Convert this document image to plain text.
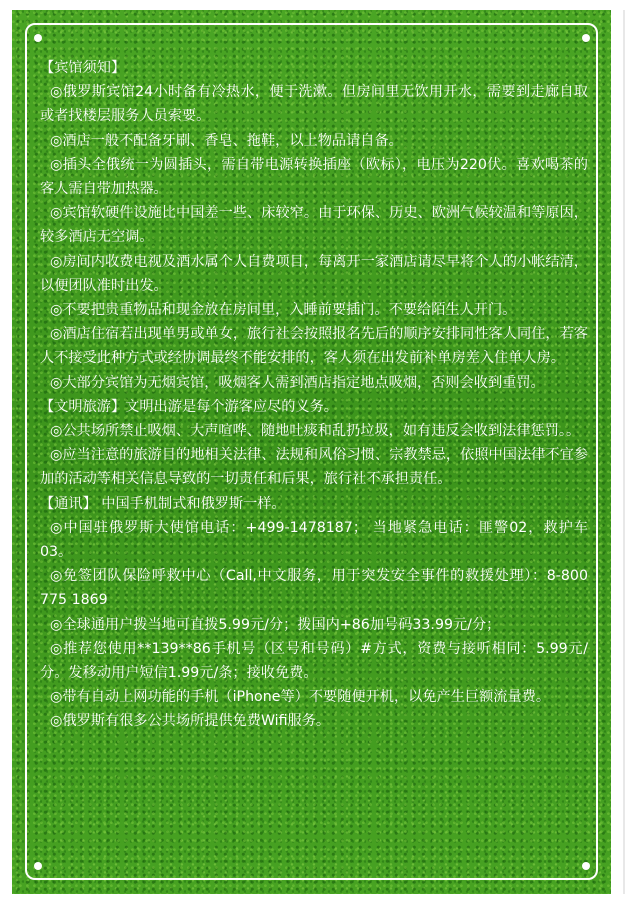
【宾馆须知】

◎俄罗斯宾馆24小时备有冷热水，便于洗漱。但房间里无饮用开水，需要到走廊自取或者找楼层服务人员索要。

◎酒店一般不配备牙刷、香皂、拖鞋，以上物品请自备。

◎插头全俄统一为圆插头，需自带电源转换插座（欧标），电压为220伏。喜欢喝茶的客人需自带加热器。

◎宾馆软硬件设施比中国差一些、床较窄。由于环保、历史、欧洲气候较温和等原因，较多酒店无空调。

◎房间内收费电视及酒水属个人自费项目，每离开一家酒店请尽早将个人的小帐结清，以便团队准时出发。

◎不要把贵重物品和现金放在房间里，入睡前要插门。不要给陌生人开门。

◎酒店住宿若出现单男或单女，旅行社会按照报名先后的顺序安排同性客人同住，若客人不接受此种方式或经协调最终不能安排的，客人须在出发前补单房差入住单人房。

◎大部分宾馆为无烟宾馆，吸烟客人需到酒店指定地点吸烟，否则会收到重罚。

【文明旅游】文明出游是每个游客应尽的义务。

◎公共场所禁止吸烟、大声喧哗、随地吐痰和乱扔垃圾，如有违反会收到法律惩罚。。

◎应当注意的旅游目的地相关法律、法规和风俗习惯、宗教禁忌，依照中国法律不宜参加的活动等相关信息导致的一切责任和后果，旅行社不承担责任。

【通讯】 中国手机制式和俄罗斯一样。

◎中国驻俄罗斯大使馆电话：+499-1478187； 当地紧急电话：匪警02，救护车03。

◎免签团队保险呼救中心（Call,中文服务，用于突发安全事件的救援处理）：8-800 775 1869

◎全球通用户拨当地可直拨5.99元/分；拨国内+86加号码33.99元/分；

◎推荐您使用**139**86手机号（区号和号码）#方式，资费与接听相同：5.99元/分。发移动用户短信1.99元/条；接收免费。

◎带有自动上网功能的手机（iPhone等）不要随便开机，以免产生巨额流量费。

◎俄罗斯有很多公共场所提供免费Wifi服务。
